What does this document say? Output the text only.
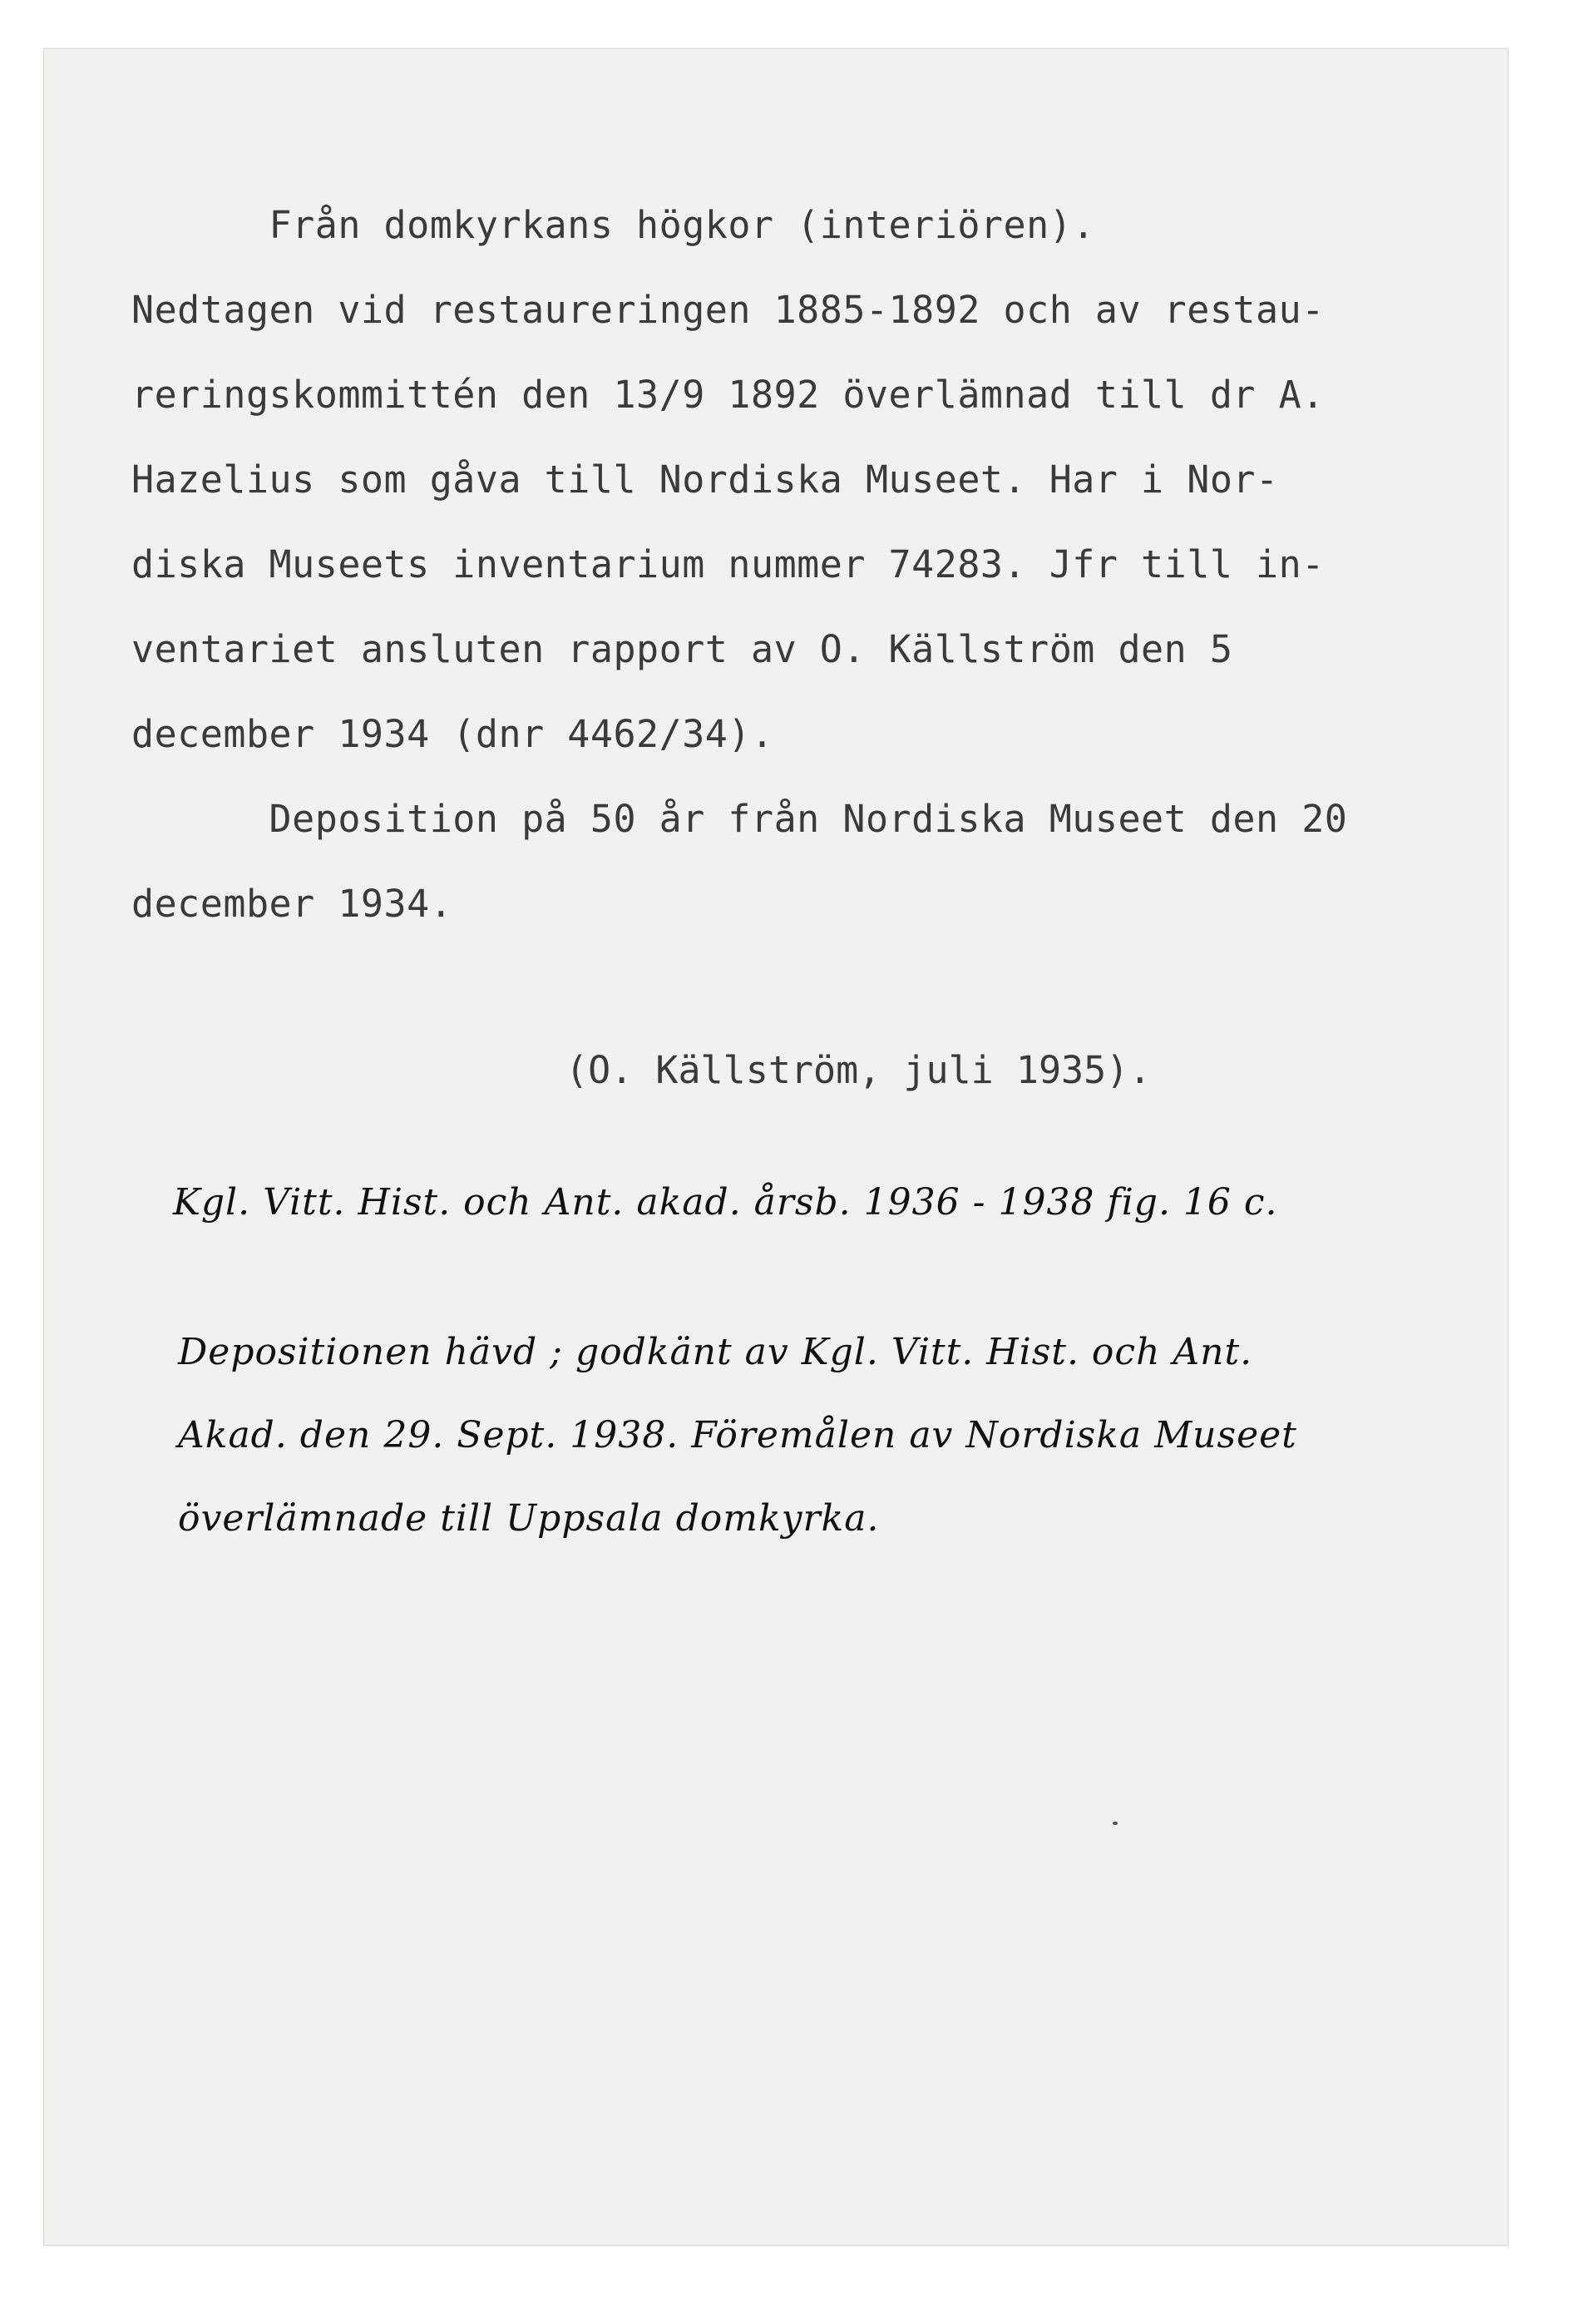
Från domkyrkans högkor (interiören).

Nedtagen vid restaureringen 1885-1892 och av restau-

reringskommittén den 13/9 1892 överlämnad till dr A.

Hazelius som gåva till Nordiska Museet. Har i Nor-

diska Museets inventarium nummer 74283. Jfr till in-

ventariet ansluten rapport av O. Källström den 5

december 1934 (dnr 4462/34).

Deposition på 50 år från Nordiska Museet den 20

december 1934.

(O. Källström, juli 1935).
Kgl. Vitt. Hist. och Ant. akad. årsb. 1936 - 1938 fig. 16 c.
Depositionen hävd ; godkänt av Kgl. Vitt. Hist. och Ant.
Akad. den 29. Sept. 1938. Föremålen av Nordiska Museet
överlämnade till Uppsala domkyrka.
